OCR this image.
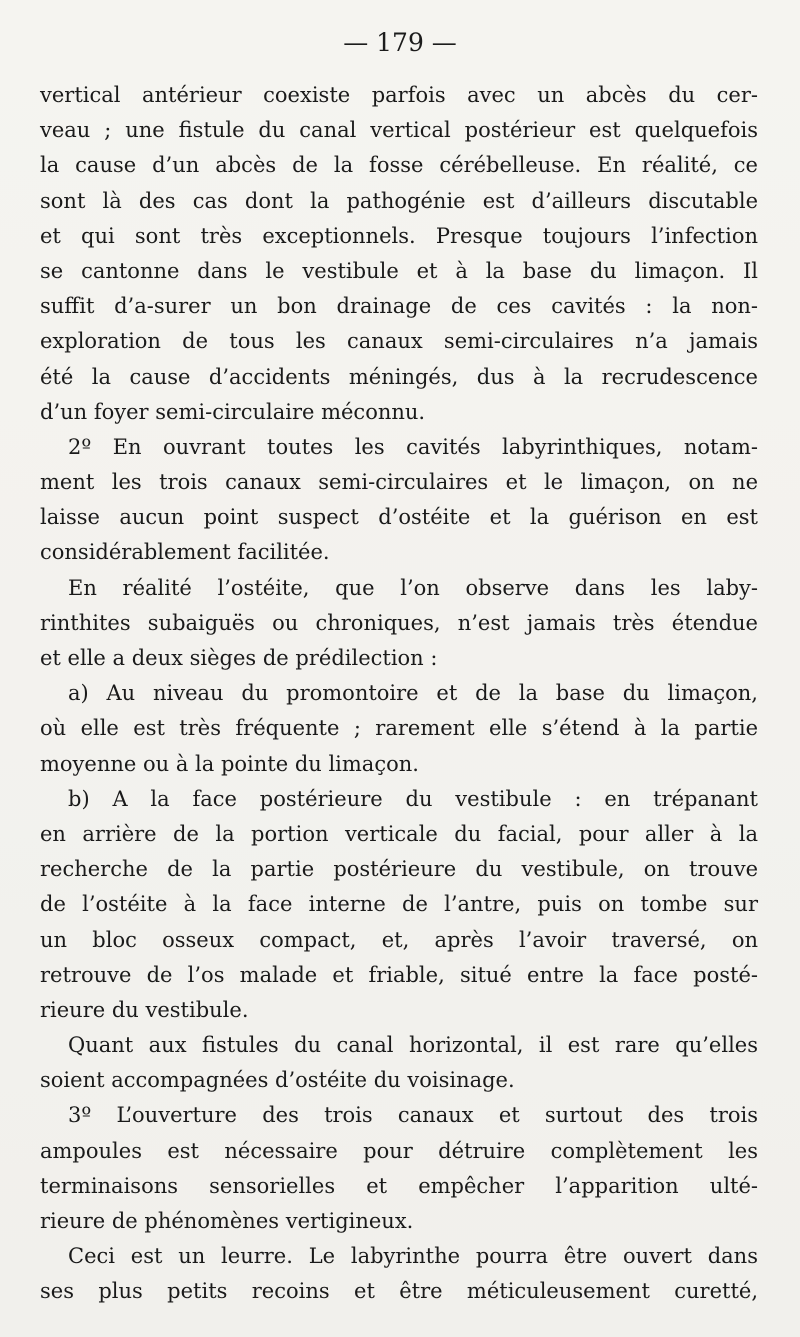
— 179 —
vertical antérieur coexiste parfois avec un abcès du cer-
veau ; une fistule du canal vertical postérieur est quelquefois
la cause d’un abcès de la fosse cérébelleuse. En réalité, ce
sont là des cas dont la pathogénie est d’ailleurs discutable
et qui sont très exceptionnels. Presque toujours l’infection
se cantonne dans le vestibule et à la base du limaçon. Il
suffit d’a-surer un bon drainage de ces cavités : la non-
exploration de tous les canaux semi-circulaires n’a jamais
été la cause d’accidents méningés, dus à la recrudescence
d’un foyer semi-circulaire méconnu.
2º En ouvrant toutes les cavités labyrinthiques, notam-
ment les trois canaux semi-circulaires et le limaçon, on ne
laisse aucun point suspect d’ostéite et la guérison en est
considérablement facilitée.
En réalité l’ostéite, que l’on observe dans les laby-
rinthites subaiguës ou chroniques, n’est jamais très étendue
et elle a deux sièges de prédilection :
a) Au niveau du promontoire et de la base du limaçon,
où elle est très fréquente ; rarement elle s’étend à la partie
moyenne ou à la pointe du limaçon.
b) A la face postérieure du vestibule : en trépanant
en arrière de la portion verticale du facial, pour aller à la
recherche de la partie postérieure du vestibule, on trouve
de l’ostéite à la face interne de l’antre, puis on tombe sur
un bloc osseux compact, et, après l’avoir traversé, on
retrouve de l’os malade et friable, situé entre la face posté-
rieure du vestibule.
Quant aux fistules du canal horizontal, il est rare qu’elles
soient accompagnées d’ostéite du voisinage.
3º L’ouverture des trois canaux et surtout des trois
ampoules est nécessaire pour détruire complètement les
terminaisons sensorielles et empêcher l’apparition ulté-
rieure de phénomènes vertigineux.
Ceci est un leurre. Le labyrinthe pourra être ouvert dans
ses plus petits recoins et être méticuleusement curetté,
